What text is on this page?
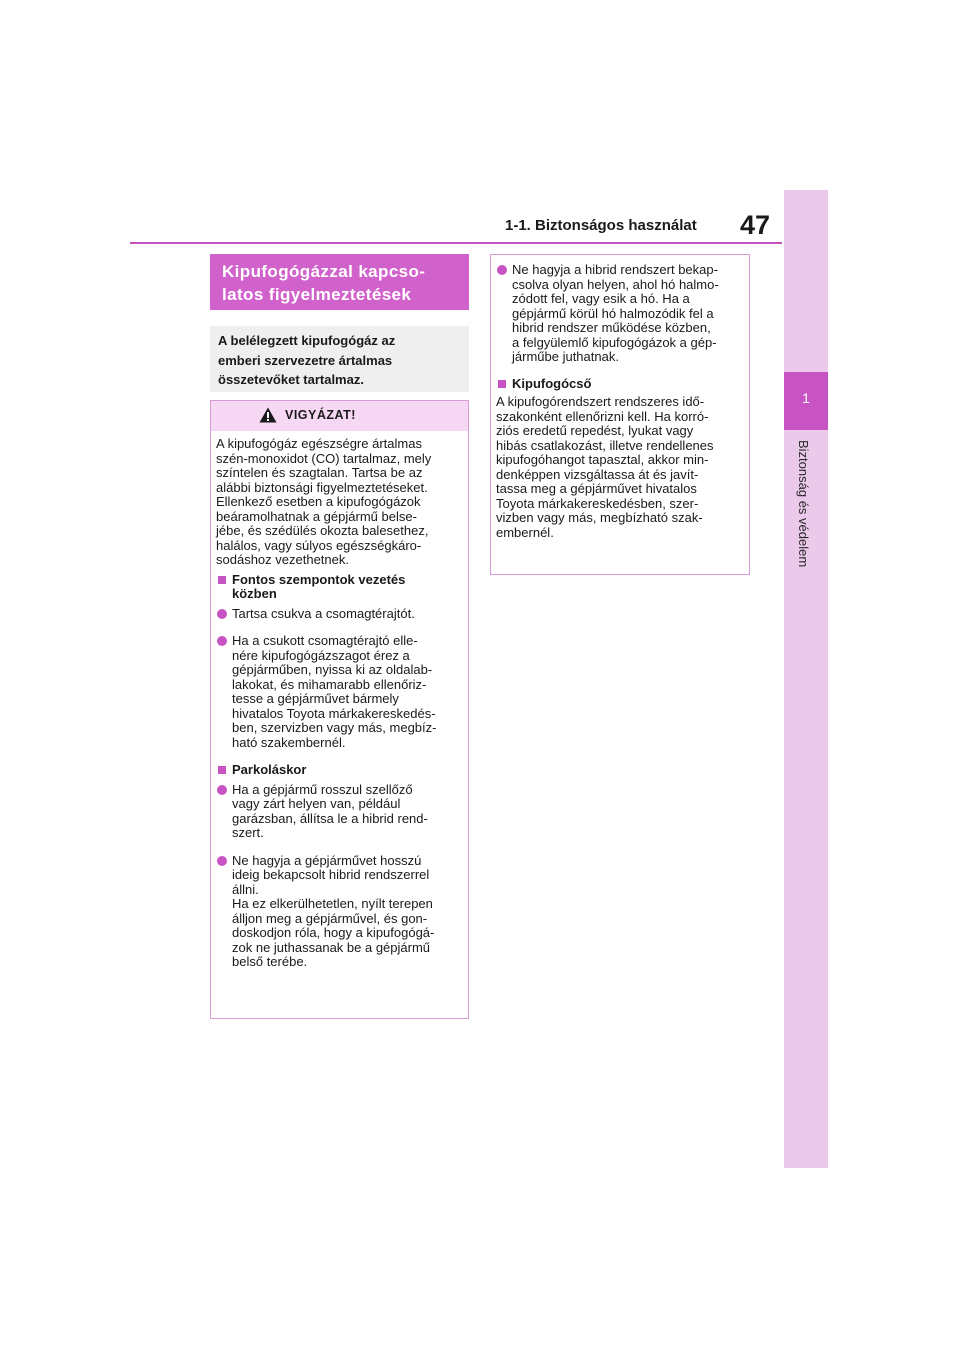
1-1. Biztonságos használat 47
1
Biztonság és védelem
Kipufogógázzal kapcso-
latos figyelmeztetések
A belélegzett kipufogógáz az
emberi szervezetre ártalmas
összetevőket tartalmaz.
VIGYÁZAT!

A kipufogógáz egészségre ártalmas
szén-monoxidot (CO) tartalmaz, mely
színtelen és szagtalan. Tartsa be az
alábbi biztonsági figyelmeztetéseket.
Ellenkező esetben a kipufogógázok
beáramolhatnak a gépjármű belse-
jébe, és szédülés okozta balesethez,
halálos, vagy súlyos egészségkáro-
sodáshoz vezethetnek.

Fontos szempontok vezetés
közben

Tartsa csukva a csomagtérajtót.

Ha a csukott csomagtérajtó elle-
nére kipufogógázszagot érez a
gépjárműben, nyissa ki az oldalab-
lakokat, és mihamarabb ellenőriz-
tesse a gépjárművet bármely
hivatalos Toyota márkakereskedés-
ben, szervizben vagy más, megbíz-
ható szakembernél.

Parkoláskor

Ha a gépjármű rosszul szellőző
vagy zárt helyen van, például
garázsban, állítsa le a hibrid rend-
szert.

Ne hagyja a gépjárművet hosszú
ideig bekapcsolt hibrid rendszerrel
állni.
Ha ez elkerülhetetlen, nyílt terepen
álljon meg a gépjárművel, és gon-
doskodjon róla, hogy a kipufogógá-
zok ne juthassanak be a gépjármű
belső terébe.

Ne hagyja a hibrid rendszert bekap-
csolva olyan helyen, ahol hó halmo-
zódott fel, vagy esik a hó. Ha a
gépjármű körül hó halmozódik fel a
hibrid rendszer működése közben,
a felgyülemlő kipufogógázok a gép-
járműbe juthatnak.

Kipufogócső

A kipufogórendszert rendszeres idő-
szakonként ellenőrizni kell. Ha korró-
ziós eredetű repedést, lyukat vagy
hibás csatlakozást, illetve rendellenes
kipufogóhangot tapasztal, akkor min-
denképpen vizsgáltassa át és javít-
tassa meg a gépjárművet hivatalos
Toyota márkakereskedésben, szer-
vizben vagy más, megbízható szak-
embernél.
